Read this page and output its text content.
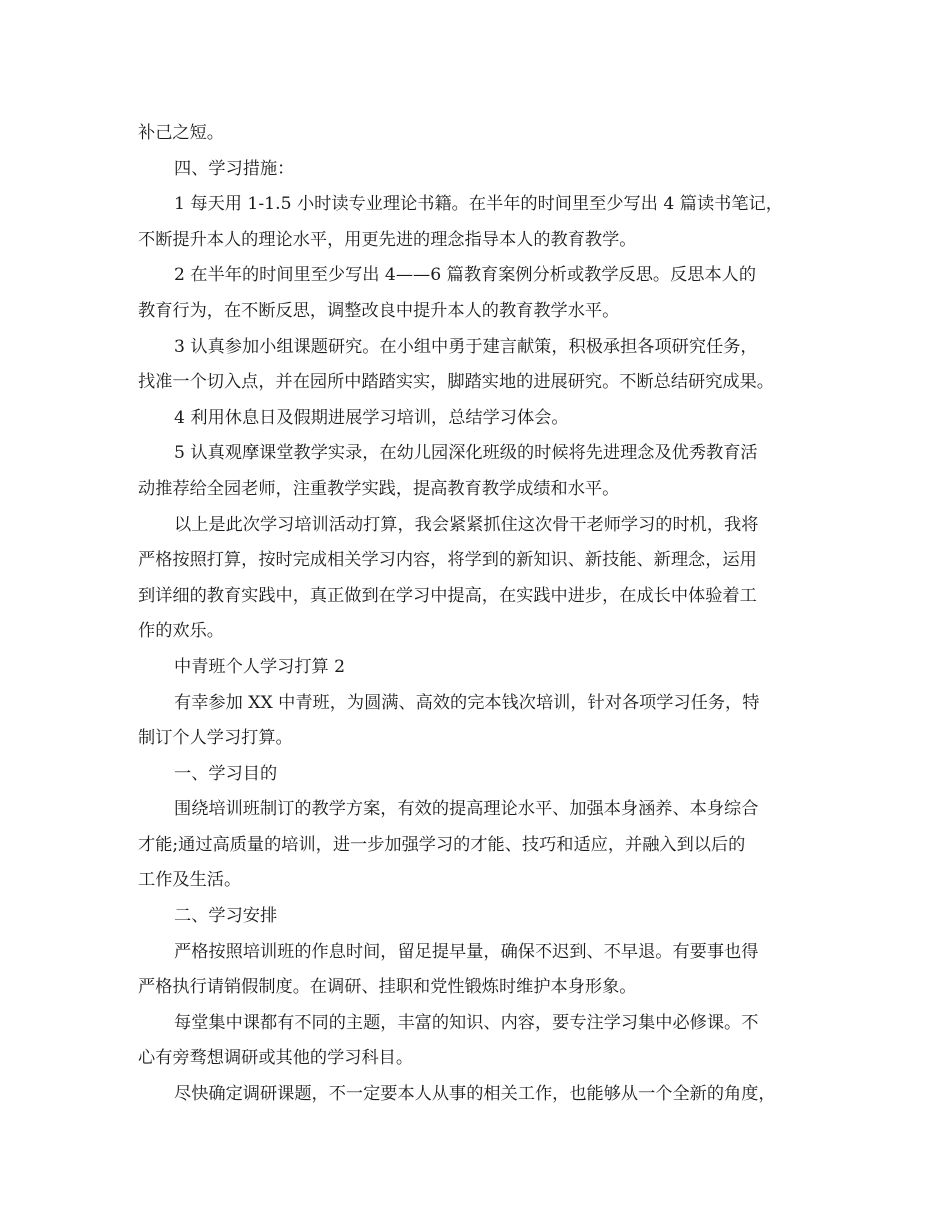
补己之短。
四、学习措施：
1 每天用 1-1.5 小时读专业理论书籍。在半年的时间里至少写出 4 篇读书笔记，
不断提升本人的理论水平，用更先进的理念指导本人的教育教学。
2 在半年的时间里至少写出 4——6 篇教育案例分析或教学反思。反思本人的
教育行为，在不断反思，调整改良中提升本人的教育教学水平。
3 认真参加小组课题研究。在小组中勇于建言献策，积极承担各项研究任务，
找准一个切入点，并在园所中踏踏实实，脚踏实地的进展研究。不断总结研究成果。
4 利用休息日及假期进展学习培训，总结学习体会。
5 认真观摩课堂教学实录，在幼儿园深化班级的时候将先进理念及优秀教育活
动推荐给全园老师，注重教学实践，提高教育教学成绩和水平。
以上是此次学习培训活动打算，我会紧紧抓住这次骨干老师学习的时机，我将
严格按照打算，按时完成相关学习内容，将学到的新知识、新技能、新理念，运用
到详细的教育实践中，真正做到在学习中提高，在实践中进步，在成长中体验着工
作的欢乐。
中青班个人学习打算 2
有幸参加 XX 中青班，为圆满、高效的完本钱次培训，针对各项学习任务，特
制订个人学习打算。
一、学习目的
围绕培训班制订的教学方案，有效的提高理论水平、加强本身涵养、本身综合
才能;通过高质量的培训，进一步加强学习的才能、技巧和适应，并融入到以后的
工作及生活。
二、学习安排
严格按照培训班的作息时间，留足提早量，确保不迟到、不早退。有要事也得
严格执行请销假制度。在调研、挂职和党性锻炼时维护本身形象。
每堂集中课都有不同的主题，丰富的知识、内容，要专注学习集中必修课。不
心有旁骛想调研或其他的学习科目。
尽快确定调研课题，不一定要本人从事的相关工作，也能够从一个全新的角度，
